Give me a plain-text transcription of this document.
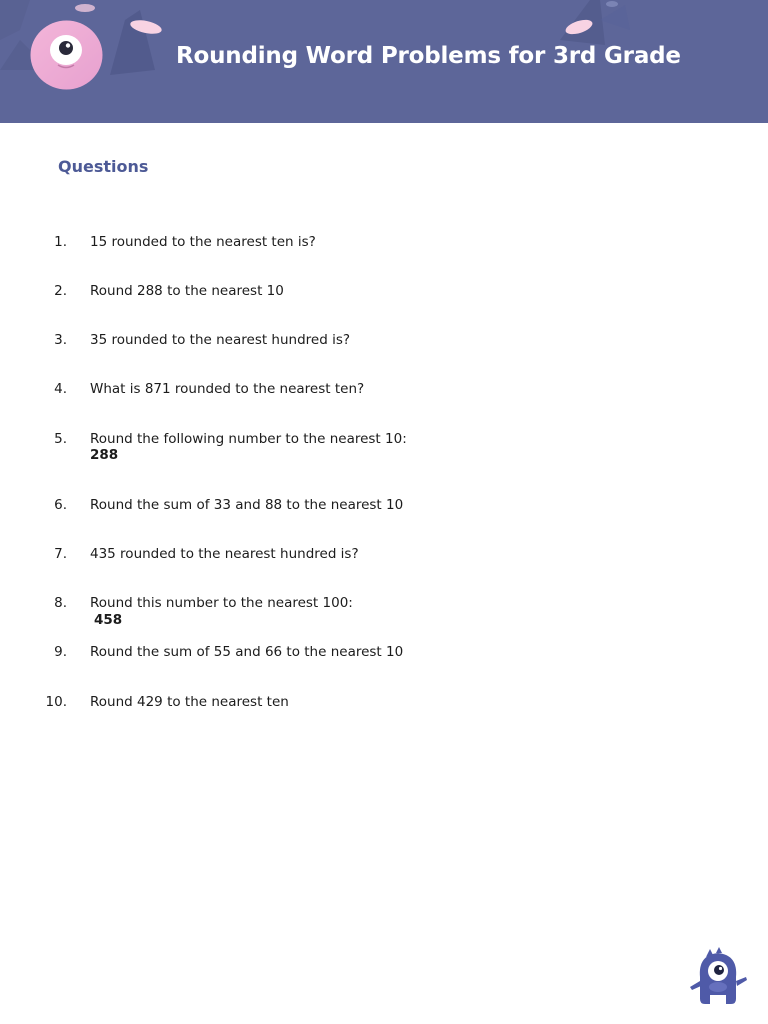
Rounding Word Problems for 3rd Grade
Questions
1. 15 rounded to the nearest ten is?
2. Round 288 to the nearest 10
3. 35 rounded to the nearest hundred is?
4. What is 871 rounded to the nearest ten?
5. Round the following number to the nearest 10:
288
6. Round the sum of 33 and 88 to the nearest 10
7. 435 rounded to the nearest hundred is?
8. Round this number to the nearest 100:
458
9. Round the sum of 55 and 66 to the nearest 10
10. Round 429 to the nearest ten
